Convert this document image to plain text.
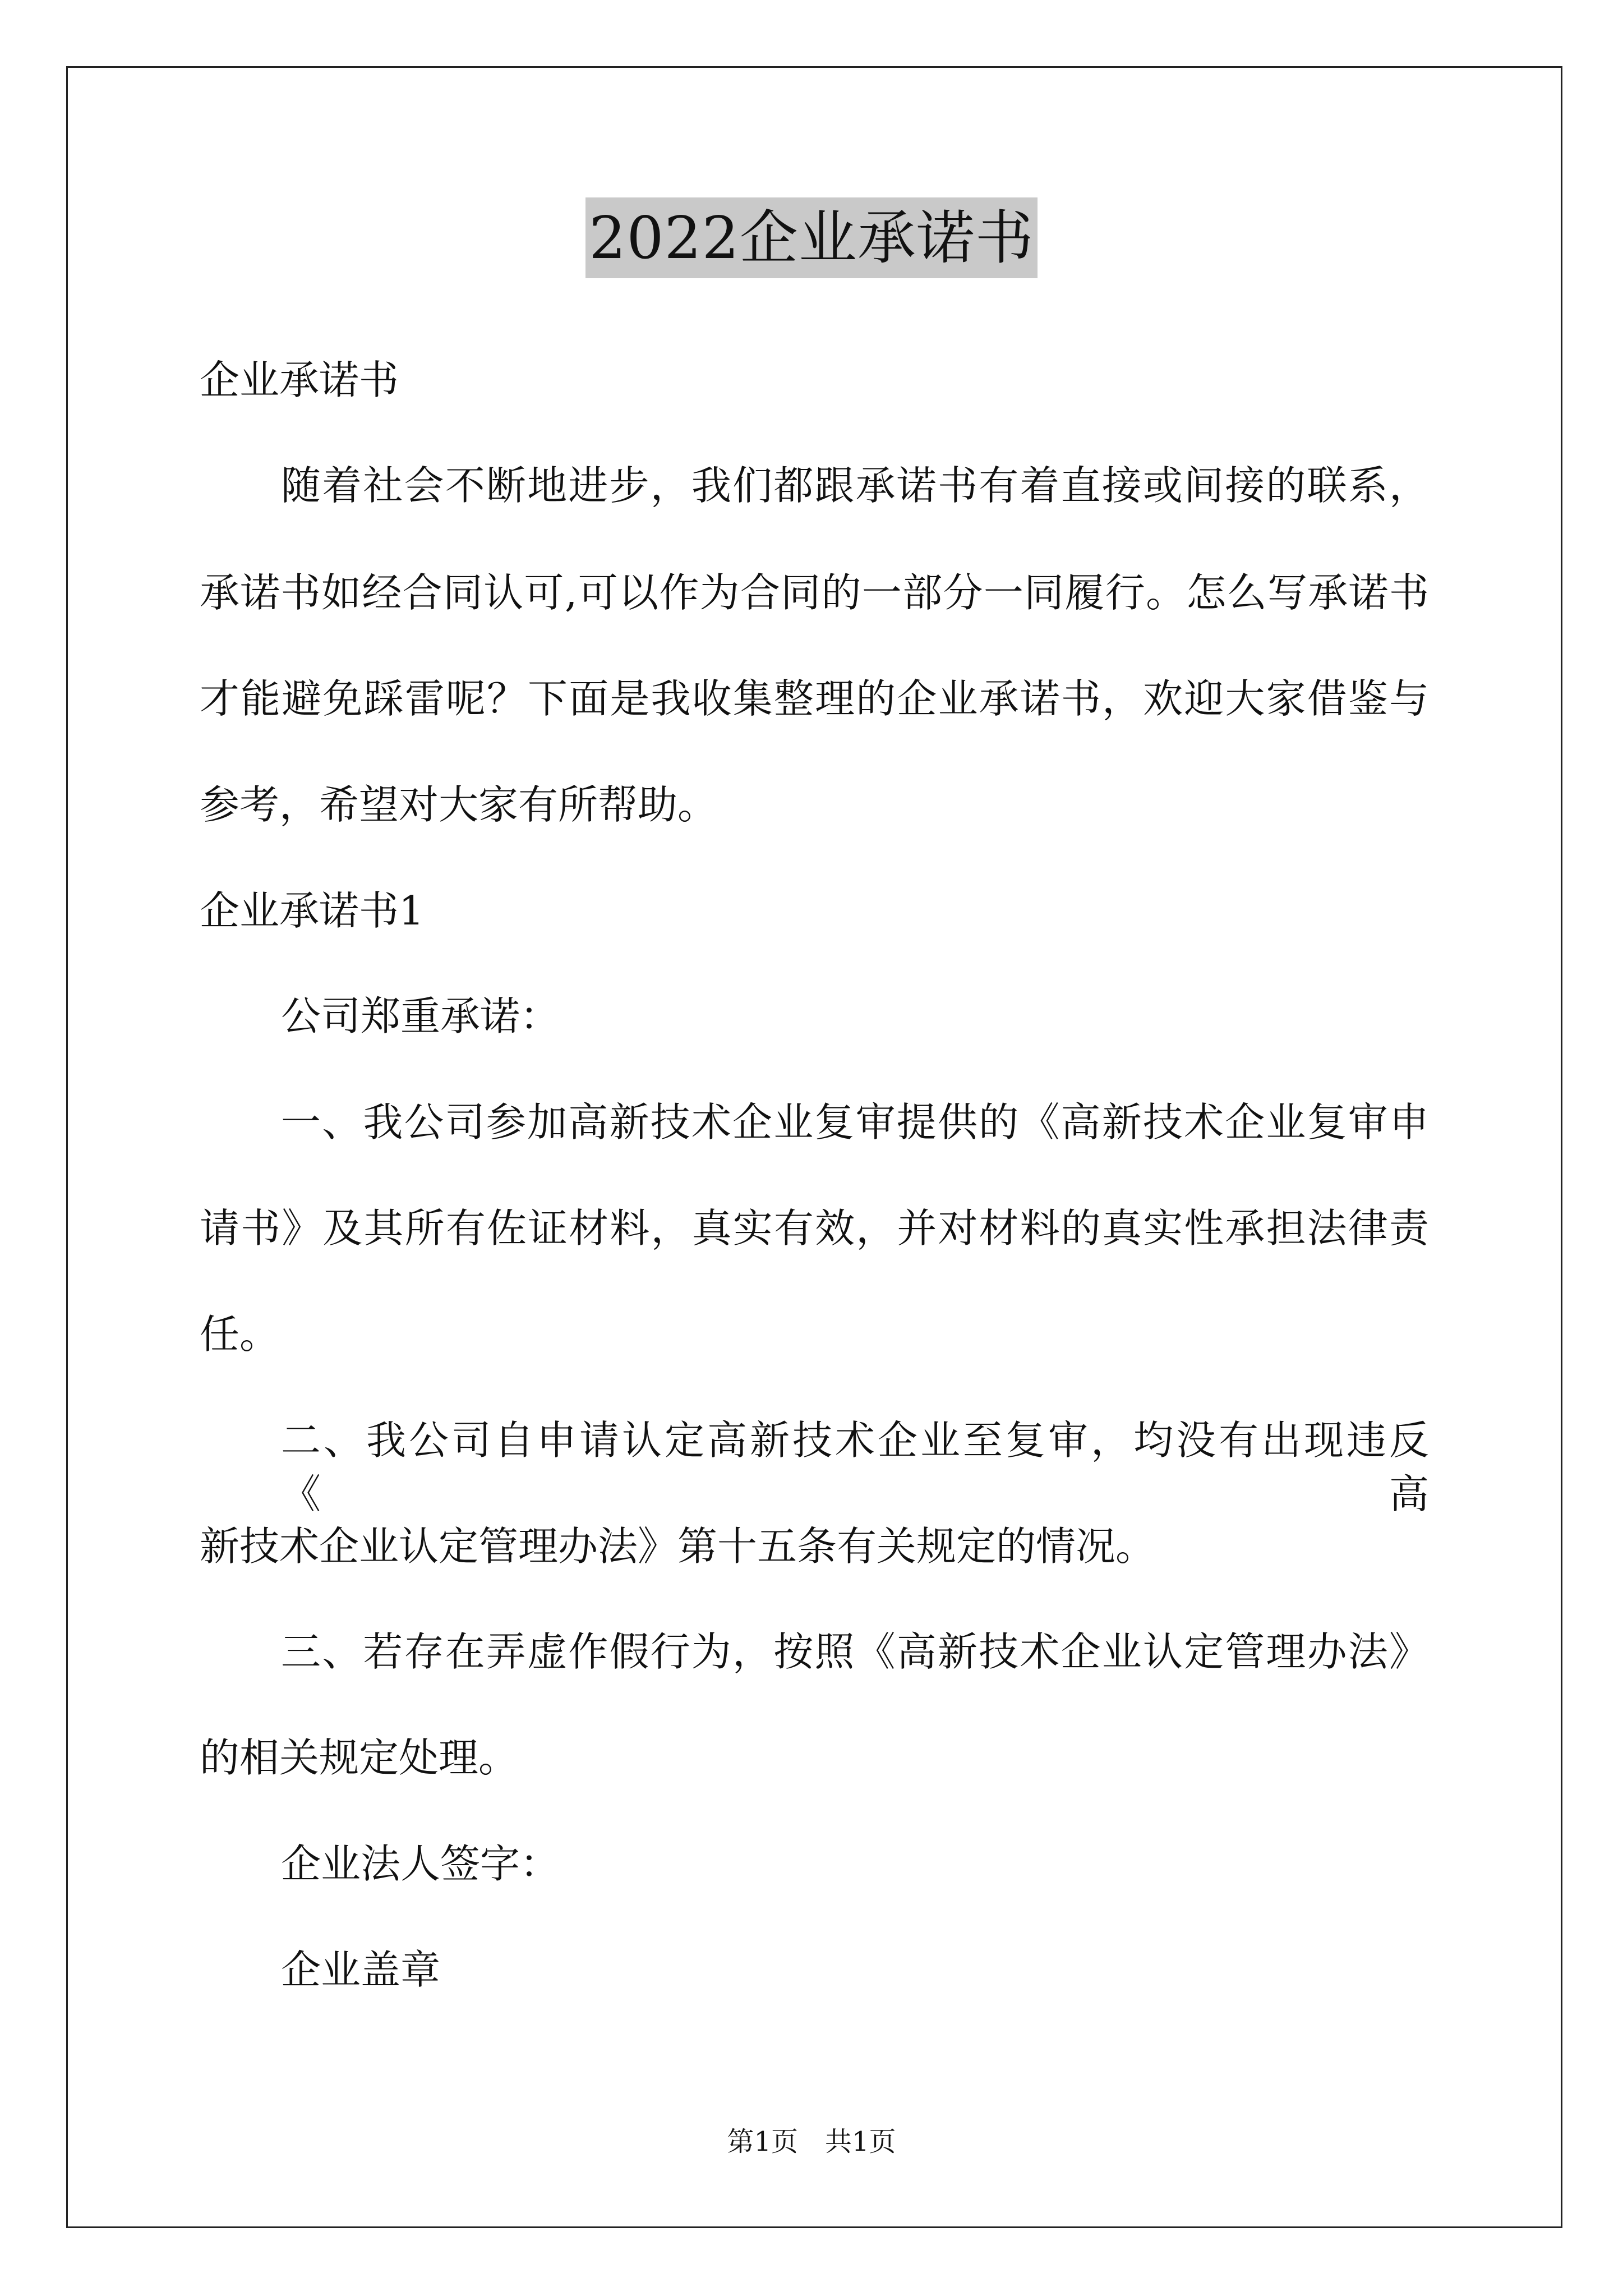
2022企业承诺书
企业承诺书
随着社会不断地进步，我们都跟承诺书有着直接或间接的联系，
承诺书如经合同认可,可以作为合同的一部分一同履行。怎么写承诺书
才能避免踩雷呢？下面是我收集整理的企业承诺书，欢迎大家借鉴与
参考，希望对大家有所帮助。
企业承诺书1
公司郑重承诺：
一、我公司参加高新技术企业复审提供的《高新技术企业复审申
请书》及其所有佐证材料，真实有效，并对材料的真实性承担法律责
任。
二、我公司自申请认定高新技术企业至复审，均没有出现违反《高
新技术企业认定管理办法》第十五条有关规定的情况。
三、若存在弄虚作假行为，按照《高新技术企业认定管理办法》
的相关规定处理。
企业法人签字：
企业盖章
第1页　共1页
